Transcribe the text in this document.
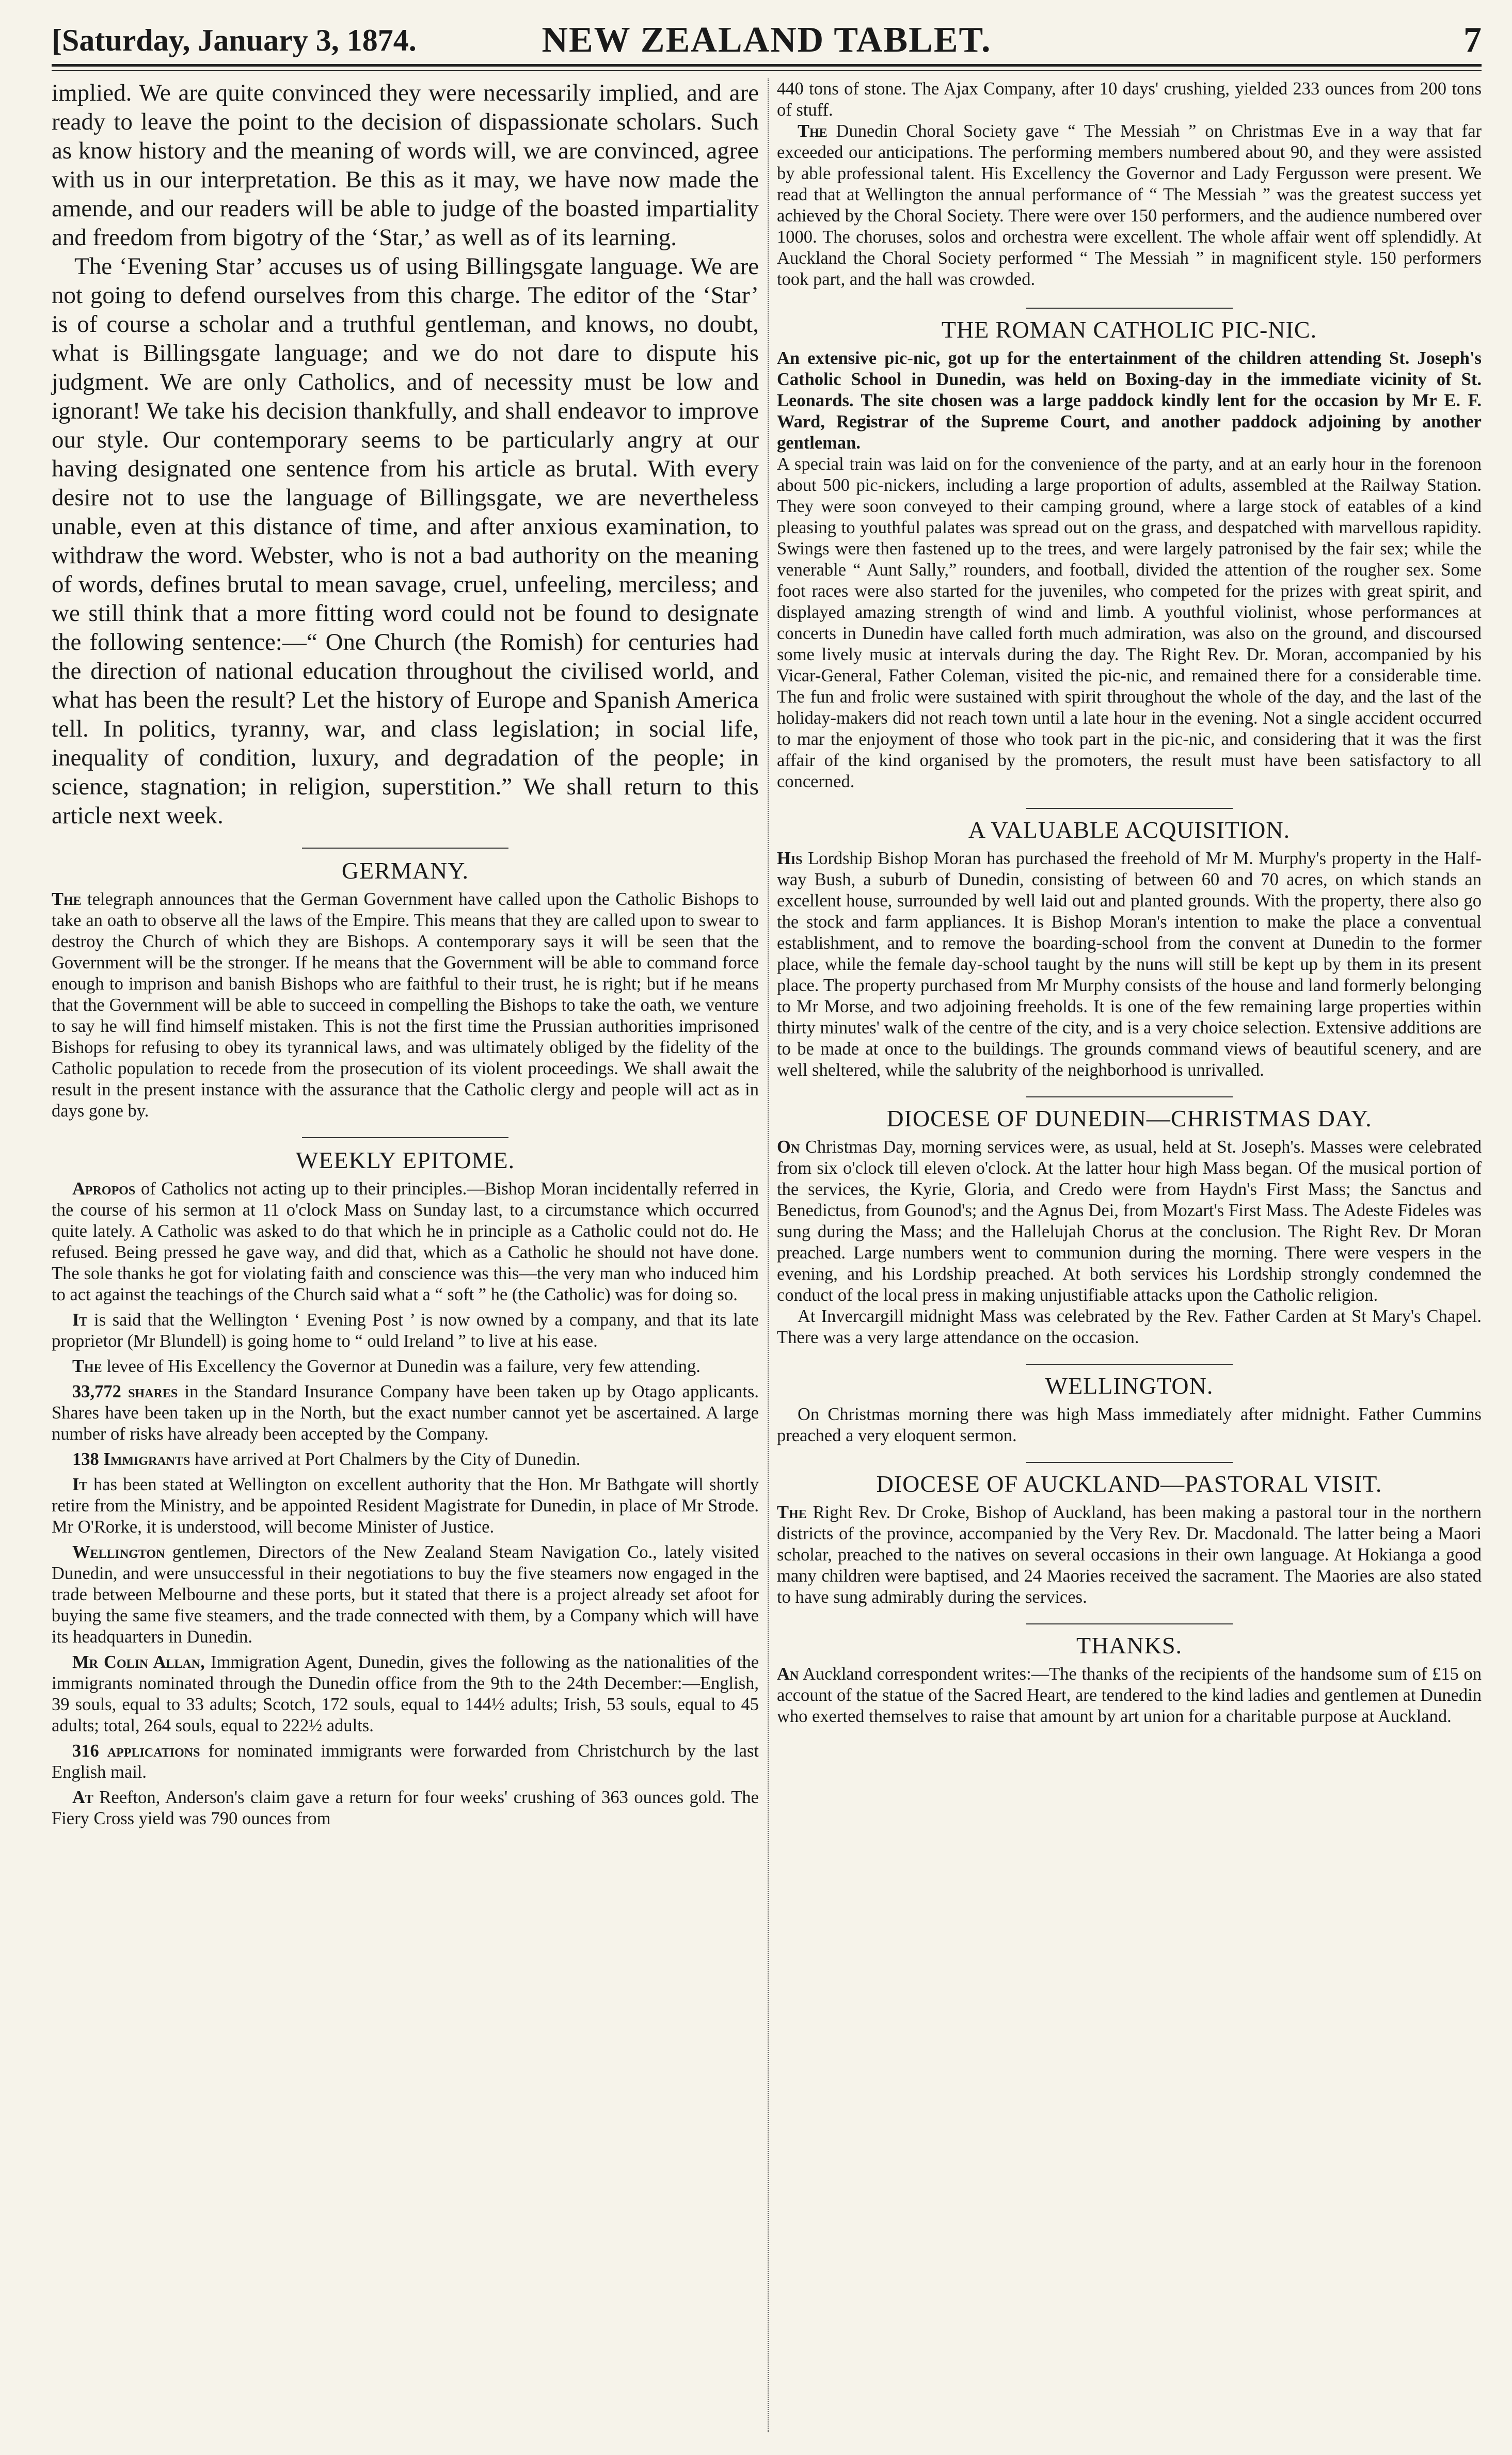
[Saturday, January 3, 1874.	NEW ZEALAND TABLET.	7

implied. We are quite convinced they were necessarily implied, and are ready to leave the point to the decision of dispassionate scholars. Such as know history and the meaning of words will, we are convinced, agree with us in our interpretation. Be this as it may, we have now made the amende, and our readers will be able to judge of the boasted impartiality and freedom from bigotry of the ‘Star,’ as well as of its learning.

The ‘Evening Star’ accuses us of using Billingsgate language. We are not going to defend ourselves from this charge. The editor of the ‘Star’ is of course a scholar and a truthful gentleman, and knows, no doubt, what is Billingsgate language; and we do not dare to dispute his judgment. We are only Catholics, and of necessity must be low and ignorant! We take his decision thankfully, and shall endeavor to improve our style. Our contemporary seems to be particularly angry at our having designated one sentence from his article as brutal. With every desire not to use the language of Billingsgate, we are nevertheless unable, even at this distance of time, and after anxious examination, to withdraw the word. Webster, who is not a bad authority on the meaning of words, defines brutal to mean savage, cruel, unfeeling, merciless; and we still think that a more fitting word could not be found to designate the following sentence:—“ One Church (the Romish) for centuries had the direction of national education throughout the civilised world, and what has been the result? Let the history of Europe and Spanish America tell. In politics, tyranny, war, and class legislation; in social life, inequality of condition, luxury, and degradation of the people; in science, stagnation; in religion, superstition.” We shall return to this article next week.

GERMANY.

The telegraph announces that the German Government have called upon the Catholic Bishops to take an oath to observe all the laws of the Empire. This means that they are called upon to swear to destroy the Church of which they are Bishops. A contemporary says it will be seen that the Government will be the stronger. If he means that the Government will be able to command force enough to imprison and banish Bishops who are faithful to their trust, he is right; but if he means that the Government will be able to succeed in compelling the Bishops to take the oath, we venture to say he will find himself mistaken. This is not the first time the Prussian authorities imprisoned Bishops for refusing to obey its tyrannical laws, and was ultimately obliged by the fidelity of the Catholic population to recede from the prosecution of its violent proceedings. We shall await the result in the present instance with the assurance that the Catholic clergy and people will act as in days gone by.

WEEKLY EPITOME.

Apropos of Catholics not acting up to their principles.—Bishop Moran incidentally referred in the course of his sermon at 11 o'clock Mass on Sunday last, to a circumstance which occurred quite lately. A Catholic was asked to do that which he in principle as a Catholic could not do. He refused. Being pressed he gave way, and did that, which as a Catholic he should not have done. The sole thanks he got for violating faith and conscience was this—the very man who induced him to act against the teachings of the Church said what a “ soft ” he (the Catholic) was for doing so.

It is said that the Wellington ‘ Evening Post ’ is now owned by a company, and that its late proprietor (Mr Blundell) is going home to “ ould Ireland ” to live at his ease.

The levee of His Excellency the Governor at Dunedin was a failure, very few attending.

33,772 shares in the Standard Insurance Company have been taken up by Otago applicants. Shares have been taken up in the North, but the exact number cannot yet be ascertained. A large number of risks have already been accepted by the Company.

138 Immigrants have arrived at Port Chalmers by the City of Dunedin.

It has been stated at Wellington on excellent authority that the Hon. Mr Bathgate will shortly retire from the Ministry, and be appointed Resident Magistrate for Dunedin, in place of Mr Strode. Mr O'Rorke, it is understood, will become Minister of Justice.

Wellington gentlemen, Directors of the New Zealand Steam Navigation Co., lately visited Dunedin, and were unsuccessful in their negotiations to buy the five steamers now engaged in the trade between Melbourne and these ports, but it stated that there is a project already set afoot for buying the same five steamers, and the trade connected with them, by a Company which will have its headquarters in Dunedin.

Mr Colin Allan, Immigration Agent, Dunedin, gives the following as the nationalities of the immigrants nominated through the Dunedin office from the 9th to the 24th December:—English, 39 souls, equal to 33 adults; Scotch, 172 souls, equal to 144½ adults; Irish, 53 souls, equal to 45 adults; total, 264 souls, equal to 222½ adults.

316 applications for nominated immigrants were forwarded from Christchurch by the last English mail.

At Reefton, Anderson's claim gave a return for four weeks' crushing of 363 ounces gold. The Fiery Cross yield was 790 ounces from

440 tons of stone. The Ajax Company, after 10 days' crushing, yielded 233 ounces from 200 tons of stuff.

The Dunedin Choral Society gave “ The Messiah ” on Christmas Eve in a way that far exceeded our anticipations. The performing members numbered about 90, and they were assisted by able professional talent. His Excellency the Governor and Lady Fergusson were present. We read that at Wellington the annual performance of “ The Messiah ” was the greatest success yet achieved by the Choral Society. There were over 150 performers, and the audience numbered over 1000. The choruses, solos and orchestra were excellent. The whole affair went off splendidly. At Auckland the Choral Society performed “ The Messiah ” in magnificent style. 150 performers took part, and the hall was crowded.

THE ROMAN CATHOLIC PIC-NIC.

An extensive pic-nic, got up for the entertainment of the children attending St. Joseph's Catholic School in Dunedin, was held on Boxing-day in the immediate vicinity of St. Leonards. The site chosen was a large paddock kindly lent for the occasion by Mr E. F. Ward, Registrar of the Supreme Court, and another paddock adjoining by another gentleman.

A special train was laid on for the convenience of the party, and at an early hour in the forenoon about 500 pic-nickers, including a large proportion of adults, assembled at the Railway Station. They were soon conveyed to their camping ground, where a large stock of eatables of a kind pleasing to youthful palates was spread out on the grass, and despatched with marvellous rapidity. Swings were then fastened up to the trees, and were largely patronised by the fair sex; while the venerable “ Aunt Sally,” rounders, and football, divided the attention of the rougher sex. Some foot races were also started for the juveniles, who competed for the prizes with great spirit, and displayed amazing strength of wind and limb. A youthful violinist, whose performances at concerts in Dunedin have called forth much admiration, was also on the ground, and discoursed some lively music at intervals during the day. The Right Rev. Dr. Moran, accompanied by his Vicar-General, Father Coleman, visited the pic-nic, and remained there for a considerable time. The fun and frolic were sustained with spirit throughout the whole of the day, and the last of the holiday-makers did not reach town until a late hour in the evening. Not a single accident occurred to mar the enjoyment of those who took part in the pic-nic, and considering that it was the first affair of the kind organised by the promoters, the result must have been satisfactory to all concerned.

A VALUABLE ACQUISITION.

His Lordship Bishop Moran has purchased the freehold of Mr M. Murphy's property in the Half-way Bush, a suburb of Dunedin, consisting of between 60 and 70 acres, on which stands an excellent house, surrounded by well laid out and planted grounds. With the property, there also go the stock and farm appliances. It is Bishop Moran's intention to make the place a conventual establishment, and to remove the boarding-school from the convent at Dunedin to the former place, while the female day-school taught by the nuns will still be kept up by them in its present place. The property purchased from Mr Murphy consists of the house and land formerly belonging to Mr Morse, and two adjoining freeholds. It is one of the few remaining large properties within thirty minutes' walk of the centre of the city, and is a very choice selection. Extensive additions are to be made at once to the buildings. The grounds command views of beautiful scenery, and are well sheltered, while the salubrity of the neighborhood is unrivalled.

DIOCESE OF DUNEDIN—CHRISTMAS DAY.

On Christmas Day, morning services were, as usual, held at St. Joseph's. Masses were celebrated from six o'clock till eleven o'clock. At the latter hour high Mass began. Of the musical portion of the services, the Kyrie, Gloria, and Credo were from Haydn's First Mass; the Sanctus and Benedictus, from Gounod's; and the Agnus Dei, from Mozart's First Mass. The Adeste Fideles was sung during the Mass; and the Hallelujah Chorus at the conclusion. The Right Rev. Dr Moran preached. Large numbers went to communion during the morning. There were vespers in the evening, and his Lordship preached. At both services his Lordship strongly condemned the conduct of the local press in making unjustifiable attacks upon the Catholic religion.

At Invercargill midnight Mass was celebrated by the Rev. Father Carden at St Mary's Chapel. There was a very large attendance on the occasion.

WELLINGTON.

On Christmas morning there was high Mass immediately after midnight. Father Cummins preached a very eloquent sermon.

DIOCESE OF AUCKLAND—PASTORAL VISIT.

The Right Rev. Dr Croke, Bishop of Auckland, has been making a pastoral tour in the northern districts of the province, accompanied by the Very Rev. Dr. Macdonald. The latter being a Maori scholar, preached to the natives on several occasions in their own language. At Hokianga a good many children were baptised, and 24 Maories received the sacrament. The Maories are also stated to have sung admirably during the services.

THANKS.

An Auckland correspondent writes:—The thanks of the recipients of the handsome sum of £15 on account of the statue of the Sacred Heart, are tendered to the kind ladies and gentlemen at Dunedin who exerted themselves to raise that amount by art union for a charitable purpose at Auckland.
